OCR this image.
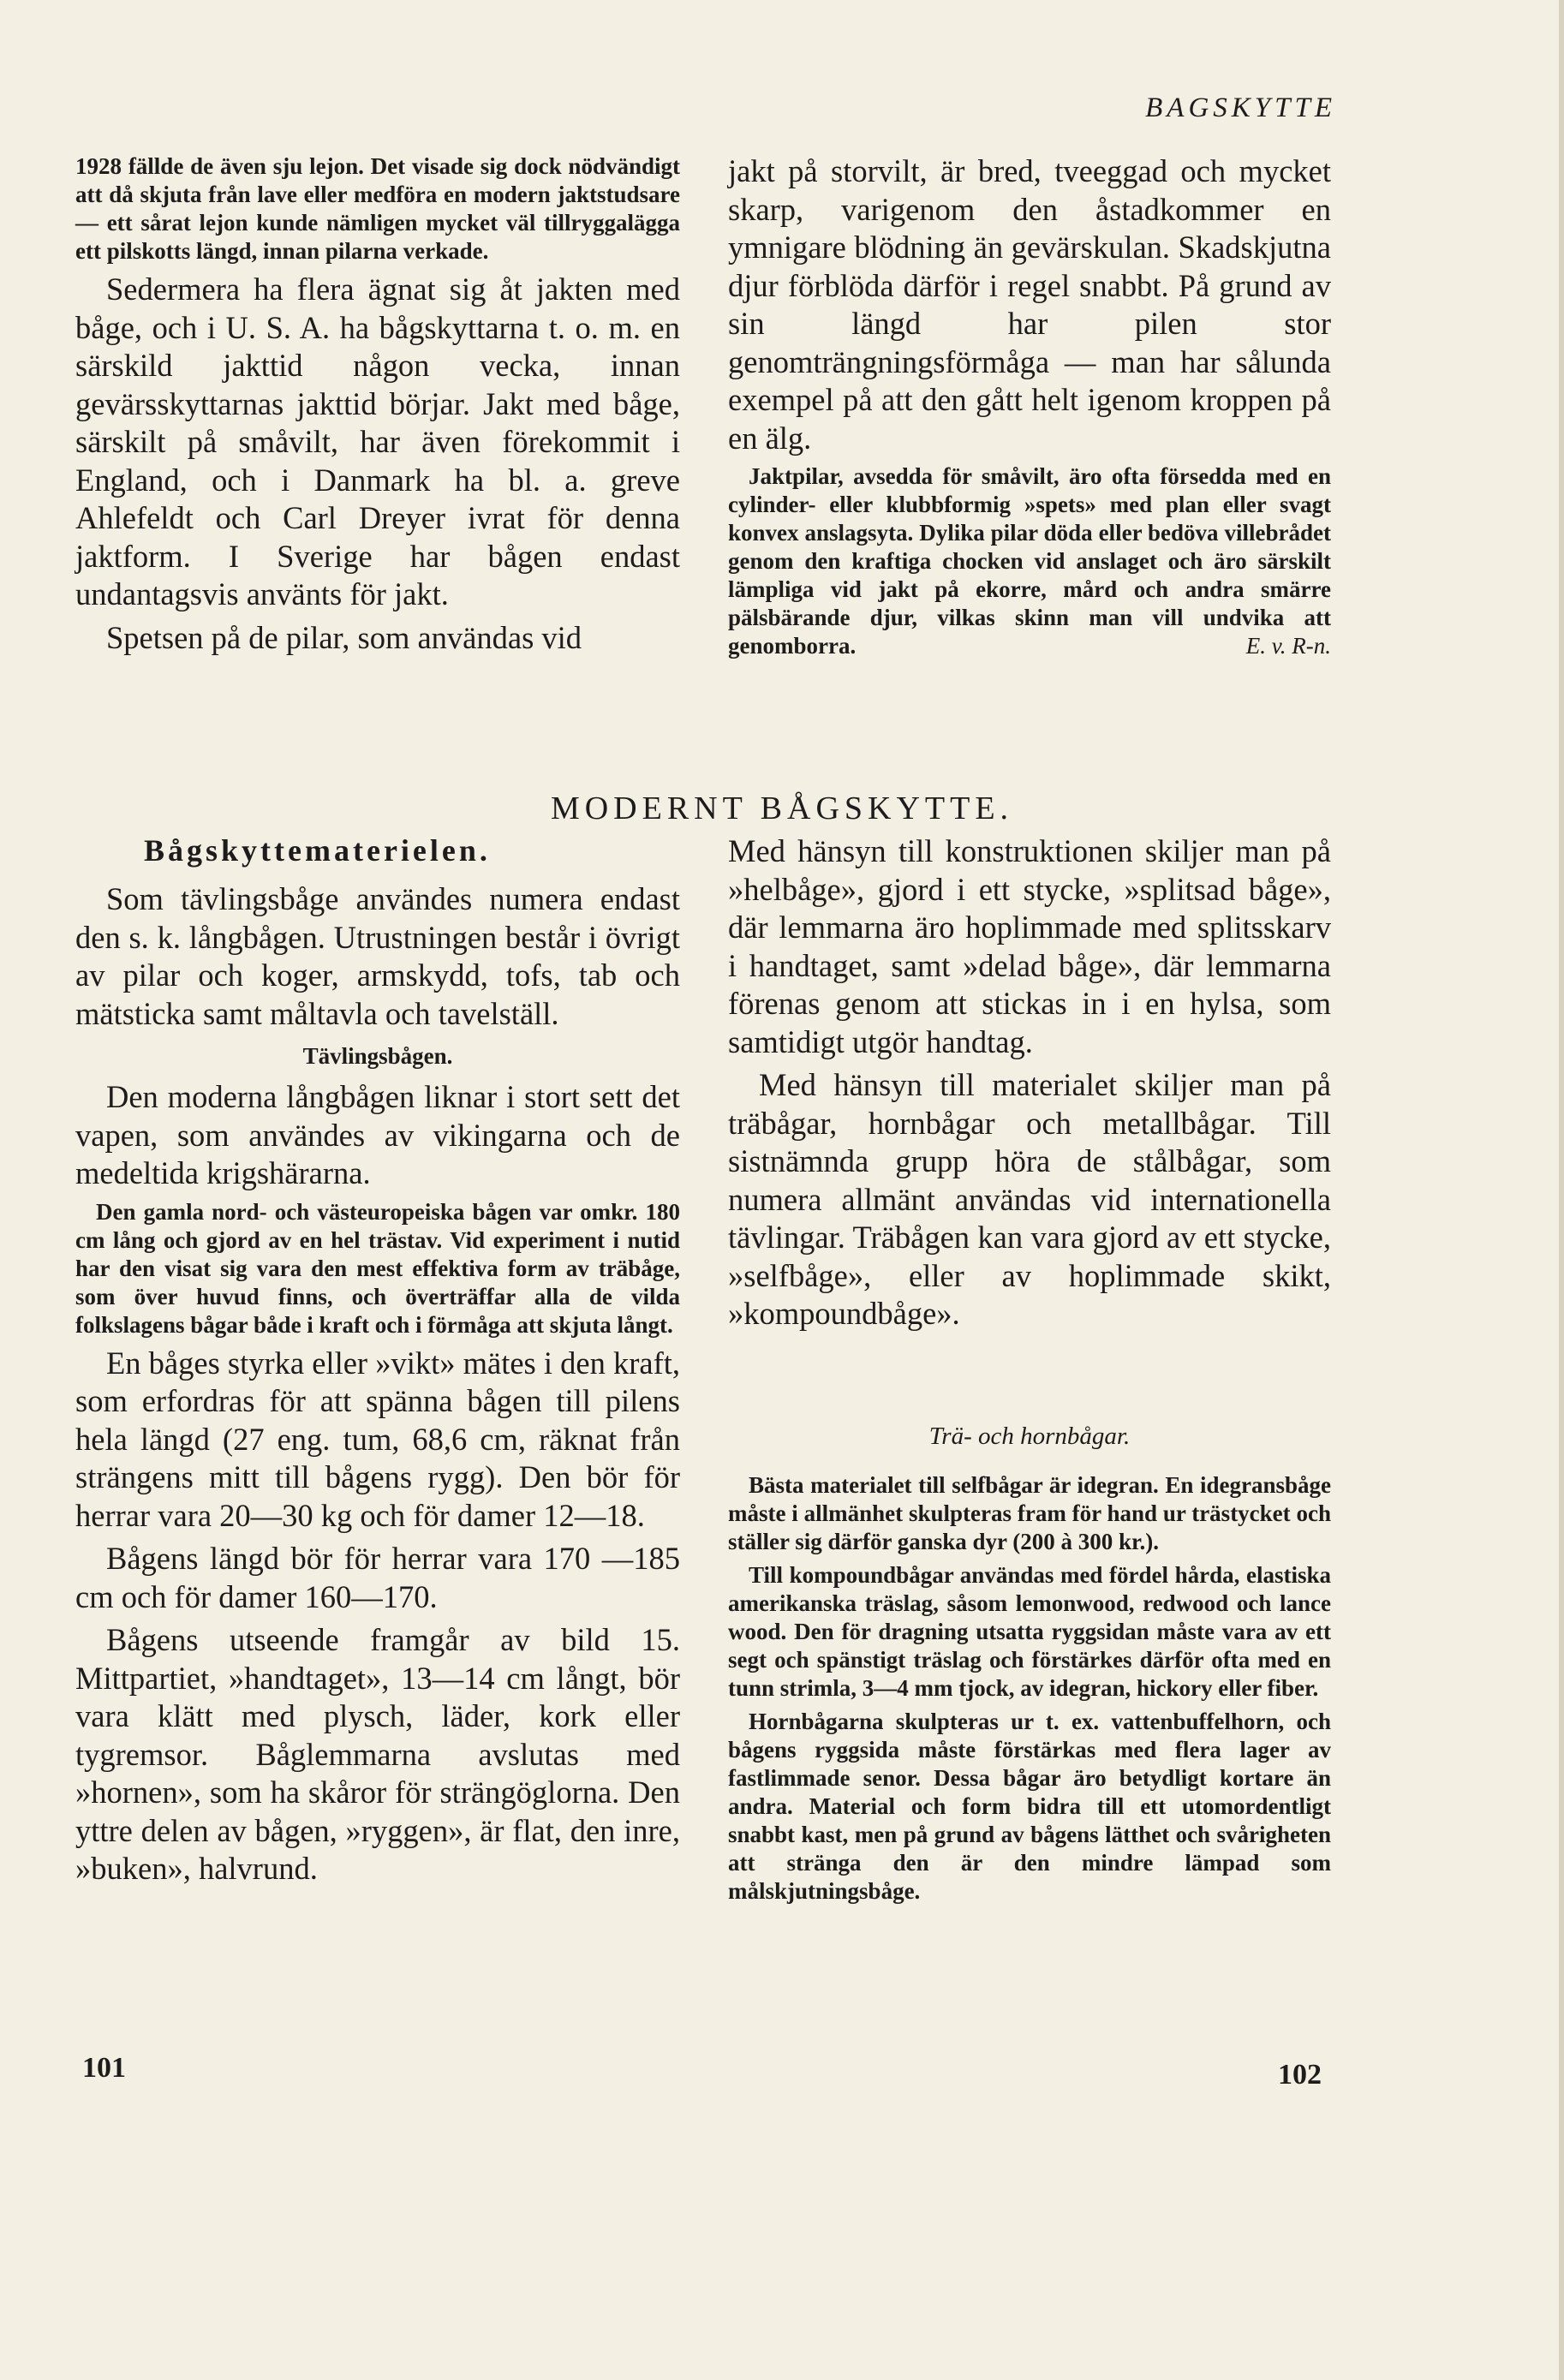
BAGSKYTTE

1928 fällde de även sju lejon. Det visade sig dock nödvändigt att då skjuta från lave eller medföra en modern jaktstudsare — ett sårat lejon kunde nämligen mycket väl tillryggalägga ett pilskotts längd, innan pilarna verkade.

Sedermera ha flera ägnat sig åt jakten med båge, och i U. S. A. ha bågskyttarna t. o. m. en särskild jakttid någon vecka, innan gevärsskyttarnas jakttid börjar. Jakt med båge, särskilt på småvilt, har även förekommit i England, och i Danmark ha bl. a. greve Ahlefeldt och Carl Dreyer ivrat för denna jaktform. I Sverige har bågen endast undantagsvis använts för jakt.

Spetsen på de pilar, som användas vid

jakt på storvilt, är bred, tveeggad och mycket skarp, varigenom den åstadkommer en ymnigare blödning än gevärskulan. Skadskjutna djur förblöda därför i regel snabbt. På grund av sin längd har pilen stor genomträngningsförmåga — man har sålunda exempel på att den gått helt igenom kroppen på en älg.

Jaktpilar, avsedda för småvilt, äro ofta försedda med en cylinder- eller klubbformig »spets» med plan eller svagt konvex anslagsyta. Dylika pilar döda eller bedöva villebrådet genom den kraftiga chocken vid anslaget och äro särskilt lämpliga vid jakt på ekorre, mård och andra smärre pälsbärande djur, vilkas skinn man vill undvika att genomborra.	E. v. R-n.

MODERNT BÅGSKYTTE.

Bågskyttematerielen.

Som tävlingsbåge användes numera endast den s. k. långbågen. Utrustningen består i övrigt av pilar och koger, armskydd, tofs, tab och mätsticka samt måltavla och tavelställ.

Tävlingsbågen.

Den moderna långbågen liknar i stort sett det vapen, som användes av vikingarna och de medeltida krigshärarna.

Den gamla nord- och västeuropeiska bågen var omkr. 180 cm lång och gjord av en hel trästav. Vid experiment i nutid har den visat sig vara den mest effektiva form av träbåge, som över huvud finns, och överträffar alla de vilda folkslagens bågar både i kraft och i förmåga att skjuta långt.

En båges styrka eller »vikt» mätes i den kraft, som erfordras för att spänna bågen till pilens hela längd (27 eng. tum, 68,6 cm, räknat från strängens mitt till bågens rygg). Den bör för herrar vara 20—30 kg och för damer 12—18.

Bågens längd bör för herrar vara 170 —185 cm och för damer 160—170.

Bågens utseende framgår av bild 15. Mittpartiet, »handtaget», 13—14 cm långt, bör vara klätt med plysch, läder, kork eller tygremsor. Båglemmarna avslutas med »hornen», som ha skåror för strängöglorna. Den yttre delen av bågen, »ryggen», är flat, den inre, »buken», halvrund.

Med hänsyn till konstruktionen skiljer man på »helbåge», gjord i ett stycke, »splitsad båge», där lemmarna äro hoplimmade med splitsskarv i handtaget, samt »delad båge», där lemmarna förenas genom att stickas in i en hylsa, som samtidigt utgör handtag.

Med hänsyn till materialet skiljer man på träbågar, hornbågar och metallbågar. Till sistnämnda grupp höra de stålbågar, som numera allmänt användas vid internationella tävlingar. Träbågen kan vara gjord av ett stycke, »selfbåge», eller av hoplimmade skikt, »kompoundbåge».

Trä- och hornbågar.

Bästa materialet till selfbågar är idegran. En idegransbåge måste i allmänhet skulpteras fram för hand ur trästycket och ställer sig därför ganska dyr (200 à 300 kr.).

Till kompoundbågar användas med fördel hårda, elastiska amerikanska träslag, såsom lemonwood, redwood och lance wood. Den för dragning utsatta ryggsidan måste vara av ett segt och spänstigt träslag och förstärkes därför ofta med en tunn strimla, 3—4 mm tjock, av idegran, hickory eller fiber.

Hornbågarna skulpteras ur t. ex. vattenbuffelhorn, och bågens ryggsida måste förstärkas med flera lager av fastlimmade senor. Dessa bågar äro betydligt kortare än andra. Material och form bidra till ett utomordentligt snabbt kast, men på grund av bågens lätthet och svårigheten att stränga den är den mindre lämpad som målskjutningsbåge.

101	102
